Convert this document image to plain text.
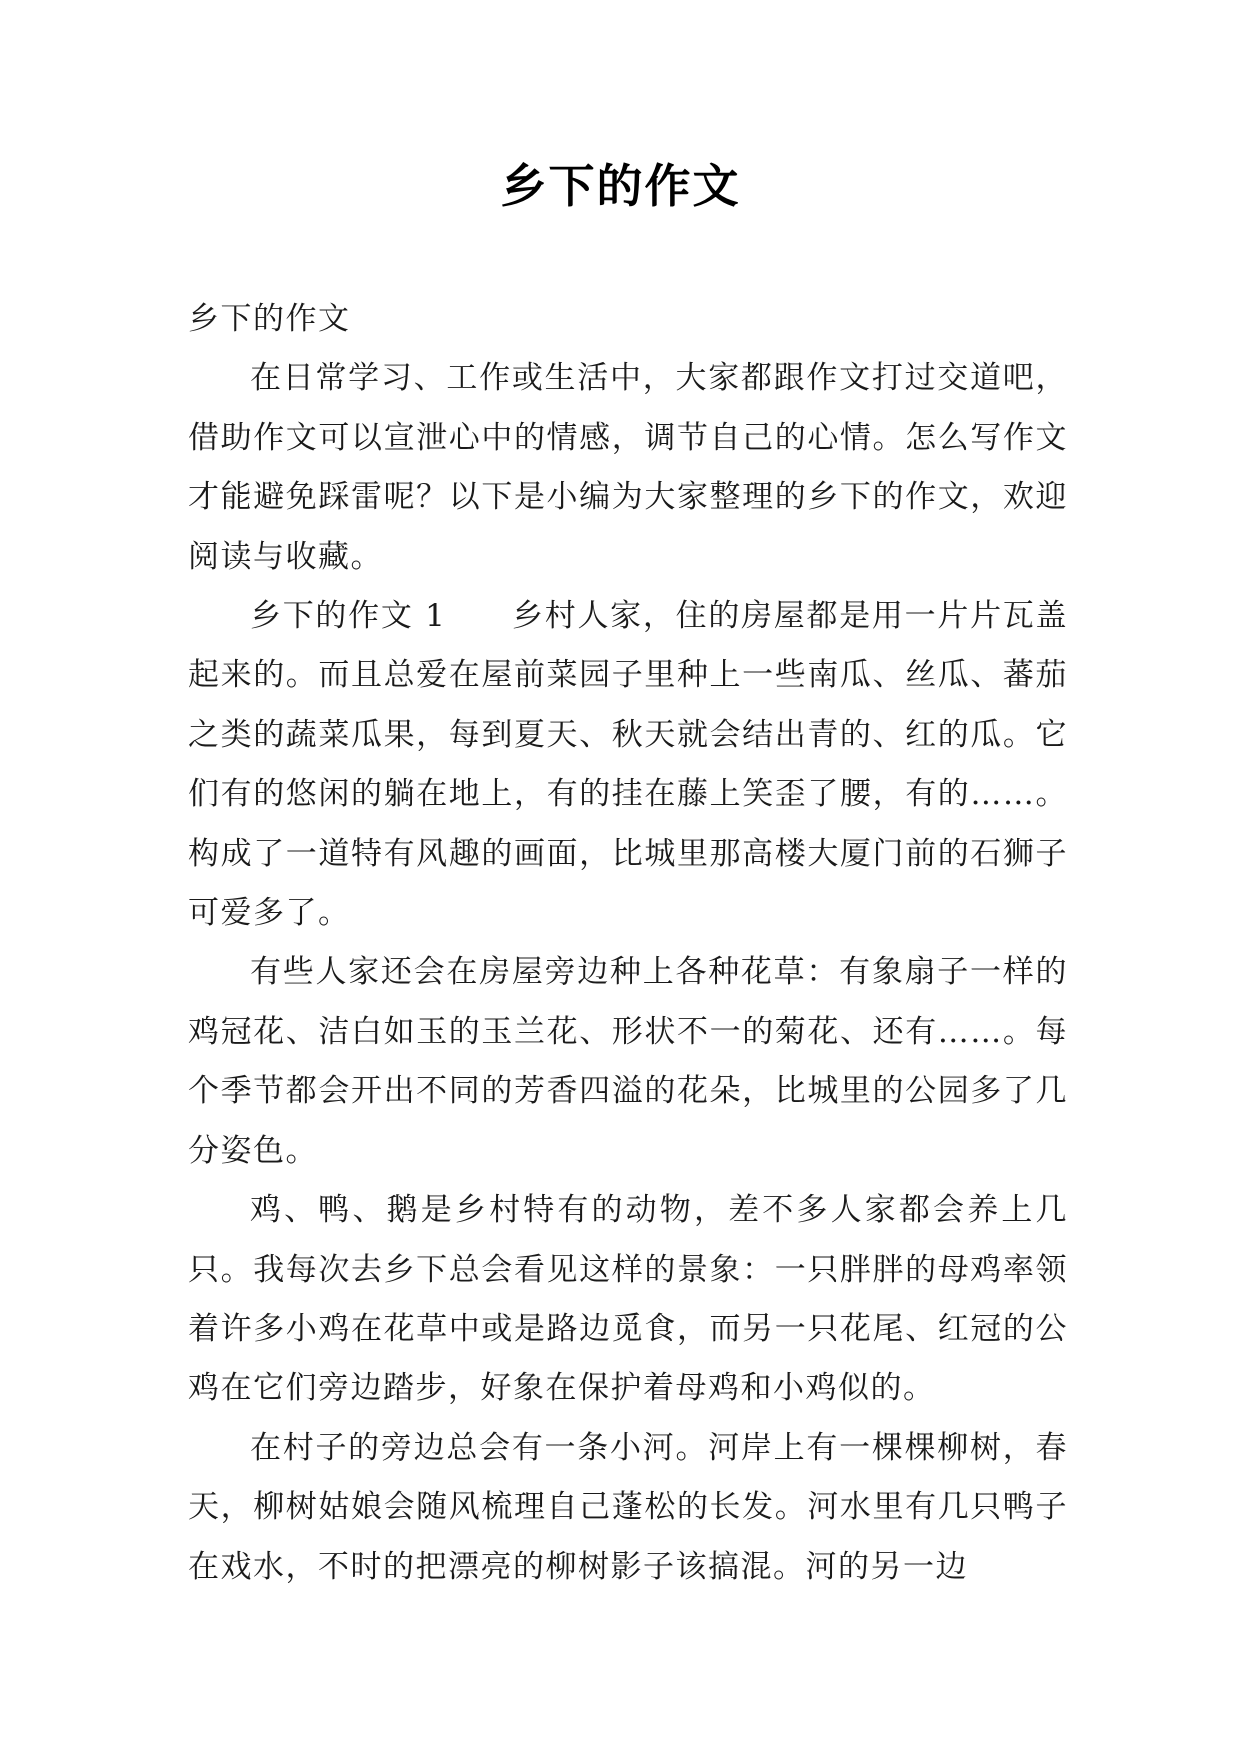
乡下的作文

乡下的作文

在日常学习、工作或生活中，大家都跟作文打过交道吧，借助作文可以宣泄心中的情感，调节自己的心情。怎么写作文才能避免踩雷呢？以下是小编为大家整理的乡下的作文，欢迎阅读与收藏。

乡下的作文 1　　乡村人家，住的房屋都是用一片片瓦盖起来的。而且总爱在屋前菜园子里种上一些南瓜、丝瓜、蕃茄之类的蔬菜瓜果，每到夏天、秋天就会结出青的、红的瓜。它们有的悠闲的躺在地上，有的挂在藤上笑歪了腰，有的……。构成了一道特有风趣的画面，比城里那高楼大厦门前的石狮子可爱多了。

有些人家还会在房屋旁边种上各种花草：有象扇子一样的鸡冠花、洁白如玉的玉兰花、形状不一的菊花、还有……。每个季节都会开出不同的芳香四溢的花朵，比城里的公园多了几分姿色。

鸡、鸭、鹅是乡村特有的动物，差不多人家都会养上几只。我每次去乡下总会看见这样的景象：一只胖胖的母鸡率领着许多小鸡在花草中或是路边觅食，而另一只花尾、红冠的公鸡在它们旁边踏步，好象在保护着母鸡和小鸡似的。

在村子的旁边总会有一条小河。河岸上有一棵棵柳树，春天，柳树姑娘会随风梳理自己蓬松的长发。河水里有几只鸭子在戏水，不时的把漂亮的柳树影子该搞混。河的另一边
